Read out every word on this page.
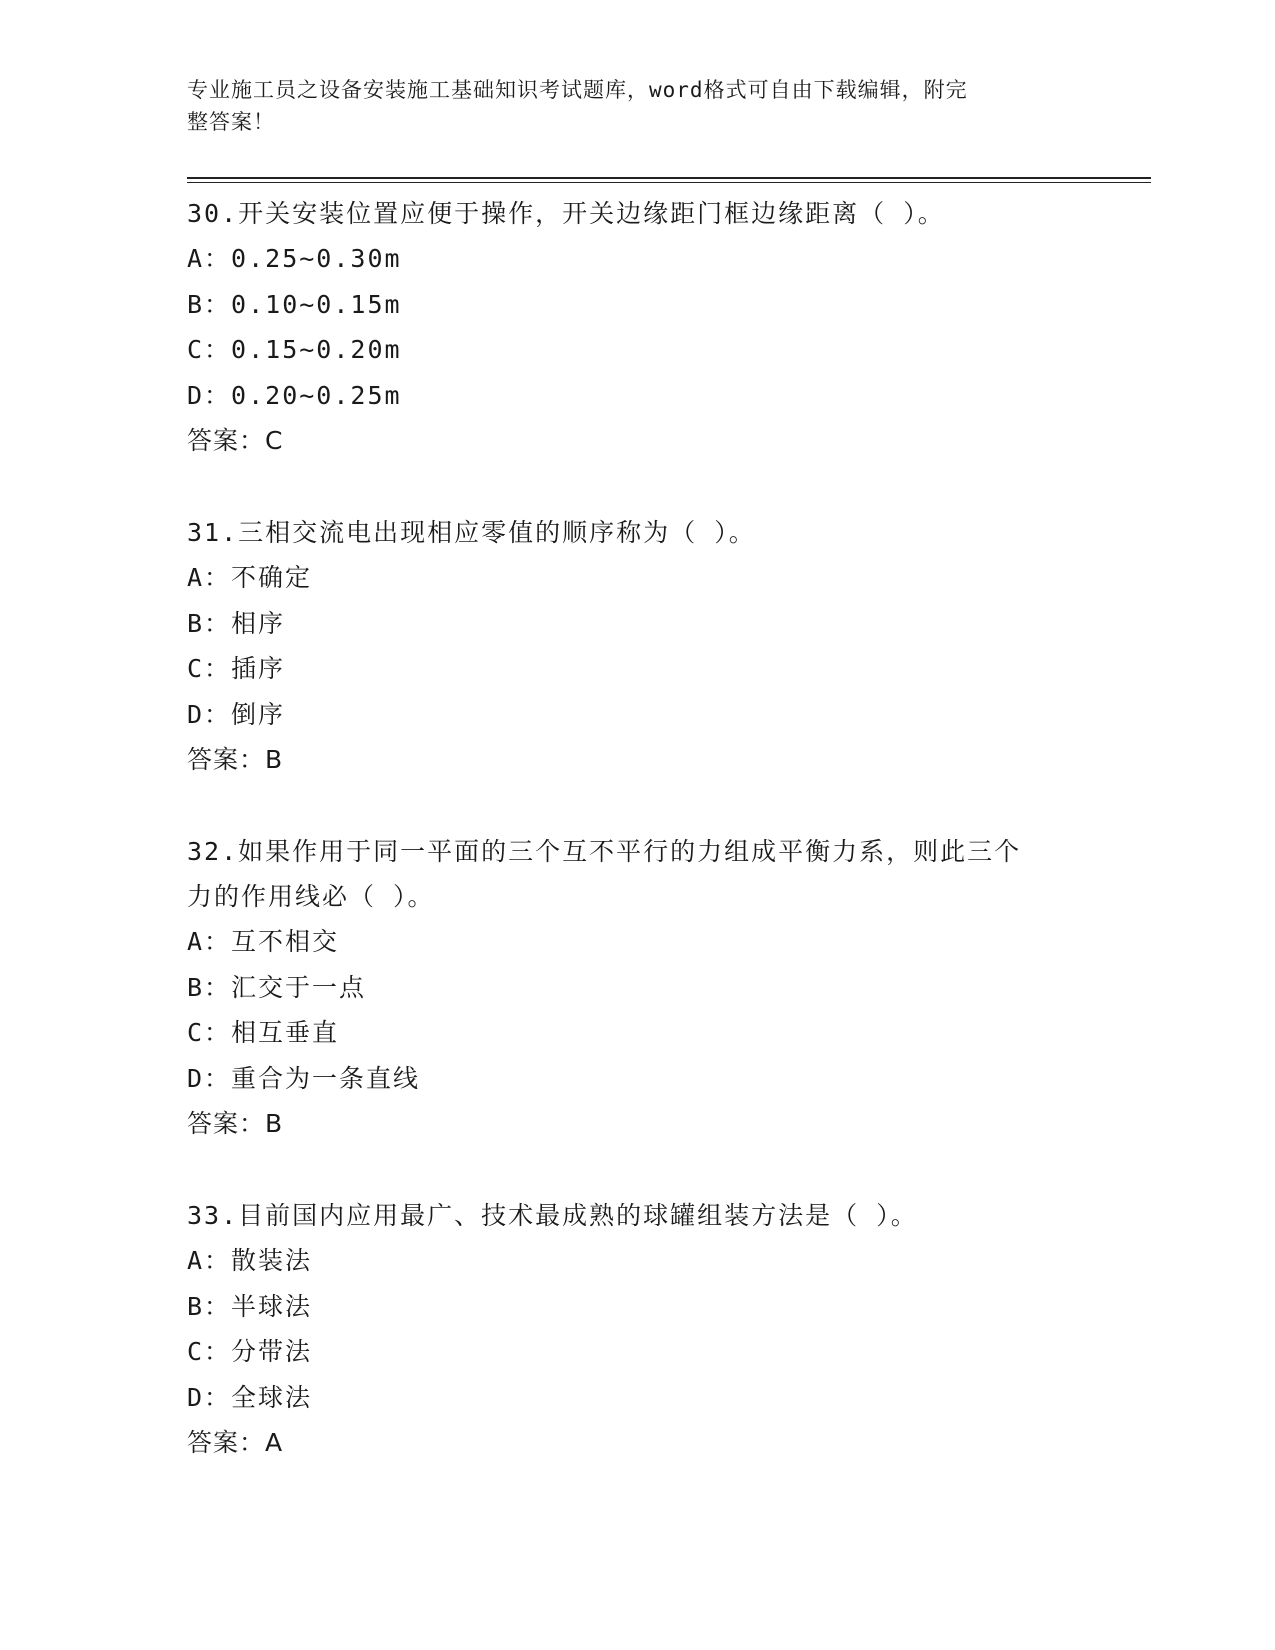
专业施工员之设备安装施工基础知识考试题库，word格式可自由下载编辑，附完
整答案！
30.开关安装位置应便于操作，开关边缘距门框边缘距离（ ）。
A：0.25~0.30m
B：0.10~0.15m
C：0.15~0.20m
D：0.20~0.25m
答案：C
31.三相交流电出现相应零值的顺序称为（ ）。
A：不确定
B：相序
C：插序
D：倒序
答案：B
32.如果作用于同一平面的三个互不平行的力组成平衡力系，则此三个
力的作用线必（ ）。
A：互不相交
B：汇交于一点
C：相互垂直
D：重合为一条直线
答案：B
33.目前国内应用最广、技术最成熟的球罐组装方法是（ ）。
A：散装法
B：半球法
C：分带法
D：全球法
答案：A
